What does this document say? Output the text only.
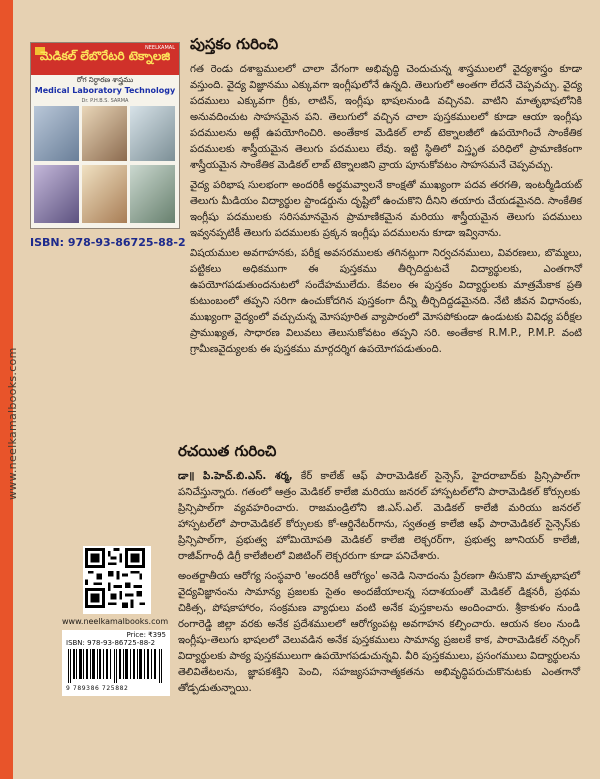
www.neelkamalbooks.com
NEELKAMAL
మెడికల్ లేబొరేటరి టెక్నాలజి
రోగ నిర్ధారణ శాస్త్రము
Medical Laboratory Technology
Dr. P.H.B.S. SARMA
ISBN: 978-93-86725-88-2
పుస్తకం గురించి

గత రెండు దశాబ్దములలో చాలా వేగంగా అభివృద్ధి చెందుచున్న శాస్త్రములలో వైద్యశాస్త్రం కూడా వస్తుంది. వైద్య విజ్ఞానము ఎక్కువగా ఇంగ్లీషులోనే ఉన్నది. తెలుగులో అంతగా లేదనే చెప్పవచ్చు. వైద్య పదములు ఎక్కువగా గ్రీకు, లాటిన్, ఇంగ్లీషు భాషలనుండి వచ్చినవి. వాటిని మాతృభాషలోనికి అనువదించుట సాహసమైన పని. తెలుగులో వచ్చిన చాలా పుస్తకములలో కూడా ఆయా ఇంగ్లీషు పదములను అట్లే ఉపయోగించిరి. అంతేకాక మెడికల్ లాబ్ టెక్నాలజీలో ఉపయోగించే సాంకేతిక పదములకు శాస్త్రీయమైన తెలుగు పదములు లేవు. ఇట్టి స్థితిలో విస్తృత పరిధిలో ప్రామాణికంగా శాస్త్రీయమైన సాంకేతిక మెడికల్ లాబ్ టెక్నాలజిని వ్రాయ పూనుకోవటం సాహసమనే చెప్పవచ్చు.

వైద్య పరిభాష సులభంగా అందరికీ అర్థమవ్వాలనే కాంక్షతో ముఖ్యంగా పదవ తరగతి, ఇంటర్మీడియట్ తెలుగు మీడియం విద్యార్థుల స్టాండర్డును దృష్టిలో ఉంచుకొని దీనిని తయారు చేయడమైనది. సాంకేతిక ఇంగ్లీషు పదములకు సరిసమానమైన ప్రామాణికమైన మరియు శాస్త్రీయమైన తెలుగు పదములు ఇవ్వనప్పటికీ తెలుగు పదములకు ప్రక్కన ఇంగ్లీషు పదములను కూడా ఇవ్వినాను.

విషయముల అవగాహనకు, పరీక్ష అవసరములకు తగినట్లుగా నిర్వచనములు, వివరణలు, బొమ్మలు, పట్టికలు అధికముగా ఈ పుస్తకము తీర్చిదిద్దుటచే విద్యార్థులకు, ఎంతగానో ఉపయోగపడుతుందనుటలో సందేహములేదు. కేవలం ఈ పుస్తకం విద్యార్థులకు మాత్రమేకాక ప్రతి కుటుంబంలో తప్పని సరిగా ఉంచుకోదగిన పుస్తకంగా దీన్ని తీర్చిదిద్దడమైనది. నేటి జీవన విధానంకు, ముఖ్యంగా వైద్యంలో వచ్చుచున్న మోసపూరిత వ్యాపారంలో మోసపోకుండా ఉండుటకు వివిధ్య పరీక్షల ప్రాముఖ్యత, సాధారణ విలువలు తెలుసుకోవటం తప్పని సరి. అంతేకాక R.M.P., P.M.P. వంటి గ్రామీణవైద్యులకు ఈ పుస్తకము మార్గదర్శిగ ఉపయోగపడుతుంది.

రచయిత గురించి

డా॥ పి.హెచ్.బి.ఎస్. శర్మ, కేర్ కాలేజ్ ఆఫ్ పారామెడికల్ సైన్సెస్, హైదరాబాద్‌కు ప్రిన్సిపాల్‌గా పనిచేస్తున్నారు. గతంలో ఆత్రం మెడికల్ కాలేజి మరియు జనరల్ హాస్పటల్‌లోని పారామెడికల్ కోర్సులకు ప్రిన్సిపాల్‌గా వ్యవహరించారు. రాజమండ్రిలోని జి.ఎస్.ఎల్. మెడికల్ కాలేజీ మరియు జనరల్ హాస్పటల్‌లో పారామెడికల్ కోర్సులకు కో-ఆర్డినేటర్‌గాను, స్వతంత్ర కాలేజి ఆఫ్ పారామెడికల్ సైన్సెస్‌కు ప్రిన్సిపాల్‌గా, ప్రభుత్వ హోమియోపతి మెడికల్ కాలేజి లెక్చరర్‌గా, ప్రభుత్వ జూనియర్ కాలేజీ, రాజీవ్‌గాంధీ డిగ్రీ కాలేజీలలో విజిటింగ్ లెక్చరరుగా కూడా పనిచేశారు.

అంతర్జాతీయ ఆరోగ్య సంస్థవారి 'అందరికీ ఆరోగ్యం' అనెడి నినాదంను ప్రేరణగా తీసుకొని మాతృభాషలో వైద్యవిజ్ఞానంను సామాన్య ప్రజలకు సైతం అందజేయాలన్న సదాశయంతో మెడికల్ డిక్షనరీ, ప్రథమ చికిత్స, పోషకాహారం, సంక్రమణ వ్యాధులు వంటి అనేక పుస్తకాలను అందించారు. శ్రీకాకుళం నుండి రంగారెడ్డి జిల్లా వరకు అనేక ప్రదేశములలో ఆరోగ్యంపట్ల అవగాహన కల్పించారు. ఆయన కలం నుండి ఇంగ్లీషు-తెలుగు భాషలలో వెలువడిన అనేక పుస్తకములు సామాన్య ప్రజలకే కాక, పారామెడికల్ నర్సింగ్ విద్యార్థులకు పాఠ్య పుస్తకములుగా ఉపయోగపడుచున్నవి. వీరి పుస్తకములు, ప్రసంగములు విద్యార్థులను తెలివితేటలను, జ్ఞాపకశక్తిని పెంచి, సహజ్యసహనాత్మకతను అభివృద్ధిపరుచుకొనుటకు ఎంతగానో తోడ్పడుతున్నాయి.

www.neelkamalbooks.com
Price: ₹395
ISBN: 978-93-86725-88-2
9 789386 725882
